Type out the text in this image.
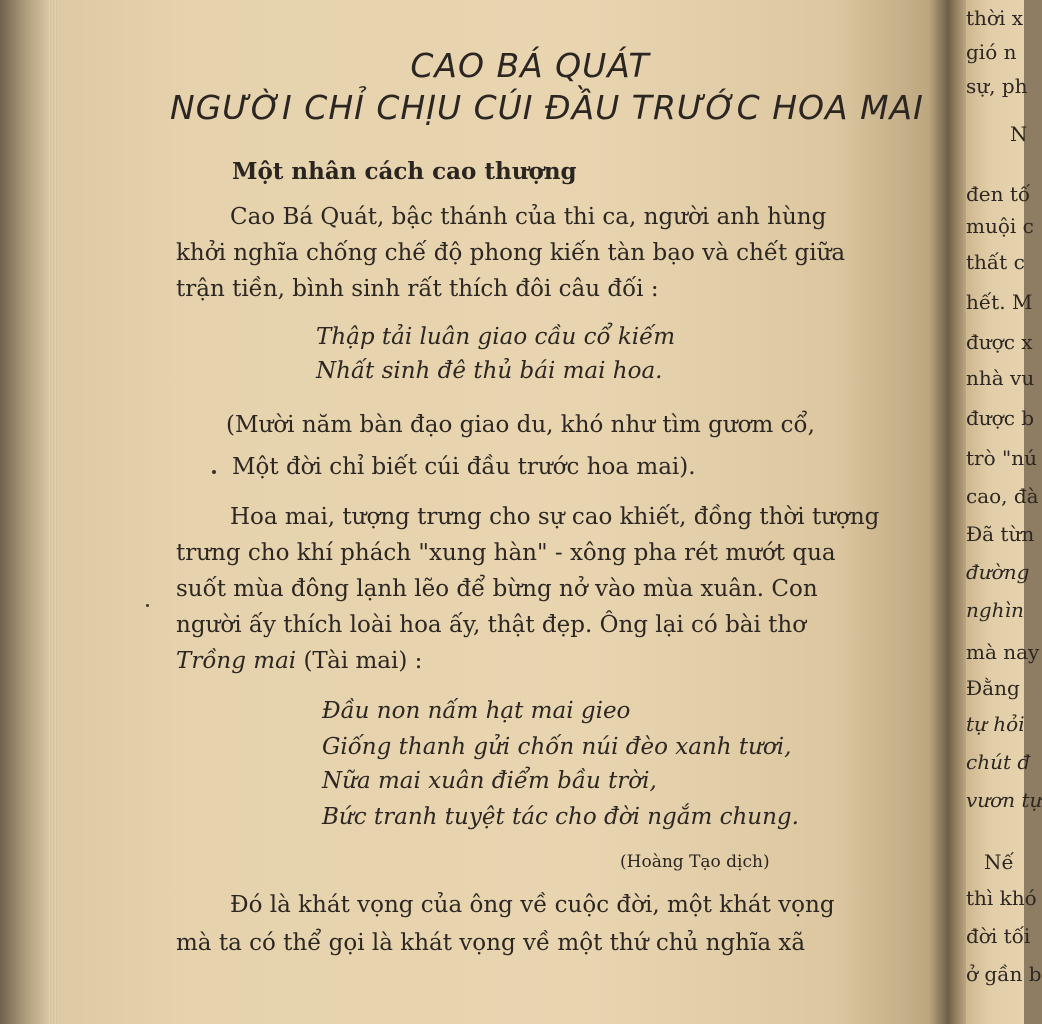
thời x
gió n
sự, ph
N
đen tố
muội c
thất c
hết. M
được x
nhà vu
được b
trò "nú
cao, đà
Đã từn
đường
nghìn
mà nay
Đằng
tự hỏi
chút đ
vươn tự
Nế
thì khó
đời tối
ở gần b
CAO BÁ QUÁT
NGƯỜI CHỈ CHỊU CÚI ĐẦU TRƯỚC HOA MAI
Một nhân cách cao thượng
Cao Bá Quát, bậc thánh của thi ca, người anh hùng
khởi nghĩa chống chế độ phong kiến tàn bạo và chết giữa
trận tiền, bình sinh rất thích đôi câu đối :
Thập tải luân giao cầu cổ kiếm
Nhất sinh đê thủ bái mai hoa.
(Mười năm bàn đạo giao du, khó như tìm gươm cổ,
Một đời chỉ biết cúi đầu trước hoa mai).
Hoa mai, tượng trưng cho sự cao khiết, đồng thời tượng
trưng cho khí phách "xung hàn" - xông pha rét mướt qua
suốt mùa đông lạnh lẽo để bừng nở vào mùa xuân. Con
người ấy thích loài hoa ấy, thật đẹp. Ông lại có bài thơ
Trồng mai (Tài mai) :
Đầu non nấm hạt mai gieo
Giống thanh gửi chốn núi đèo xanh tươi,
Nữa mai xuân điểm bầu trời,
Bức tranh tuyệt tác cho đời ngắm chung.
(Hoàng Tạo dịch)
Đó là khát vọng của ông về cuộc đời, một khát vọng
mà ta có thể gọi là khát vọng về một thứ chủ nghĩa xã
